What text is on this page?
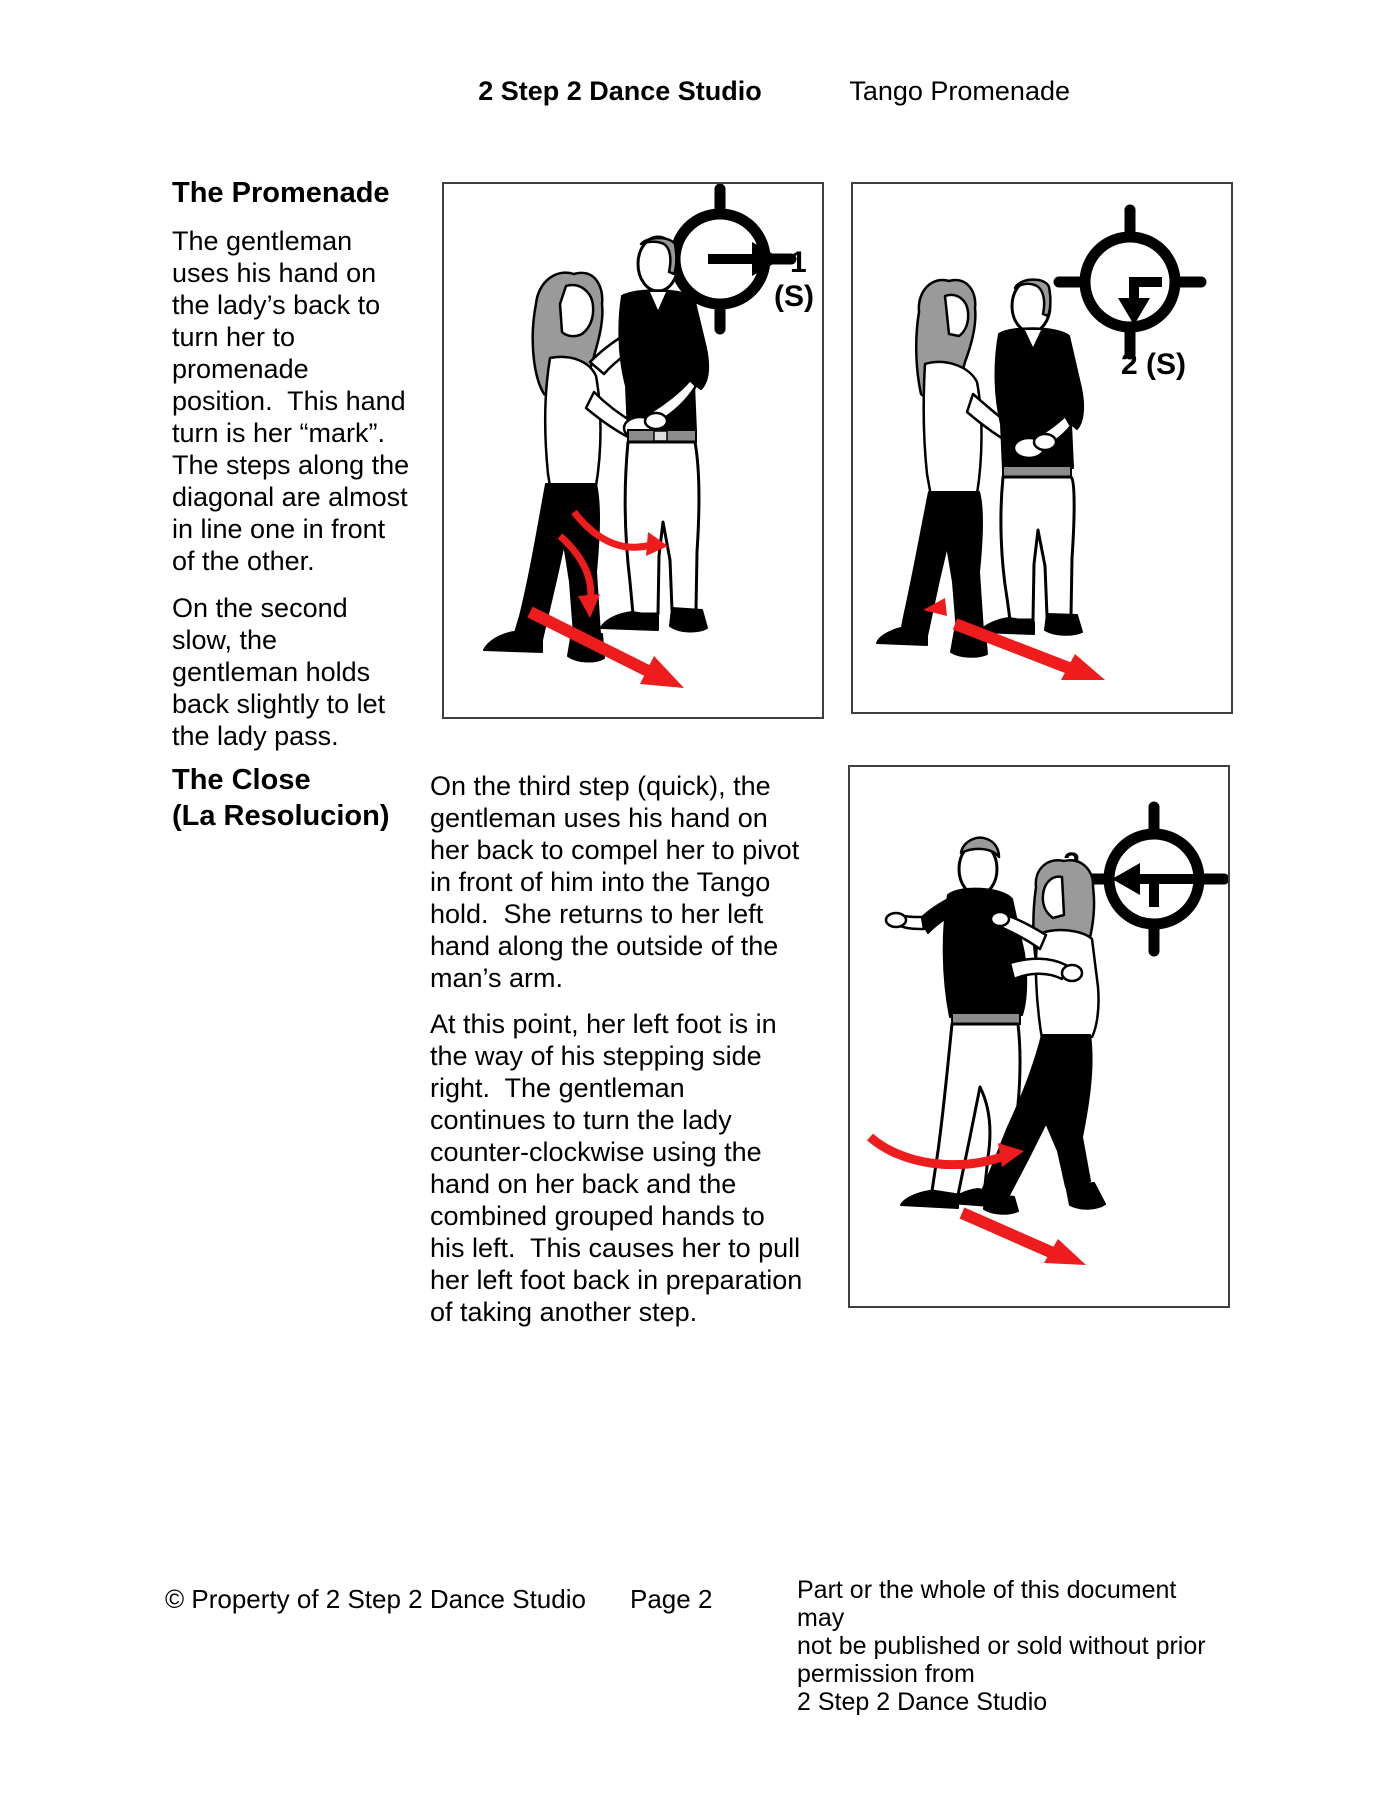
2 Step 2 Dance Studio	Tango Promenade
The Promenade
The gentleman
uses his hand on
the lady’s back to
turn her to
promenade
position.  This hand
turn is her “mark”.
The steps along the
diagonal are almost
in line one in front
of the other.
On the second
slow, the
gentleman holds
back slightly to let
the lady pass.
The Close
(La Resolucion)
On the third step (quick), the
gentleman uses his hand on
her back to compel her to pivot
in front of him into the Tango
hold.  She returns to her left
hand along the outside of the
man’s arm.
At this point, her left foot is in
the way of his stepping side
right.  The gentleman
continues to turn the lady
counter-clockwise using the
hand on her back and the
combined grouped hands to
his left.  This causes her to pull
her left foot back in preparation
of taking another step.
1
(S)
2 (S)
© Property of 2 Step 2 Dance Studio Page 2	Part or the whole of this document may
not be published or sold without prior
permission from
2 Step 2 Dance Studio
